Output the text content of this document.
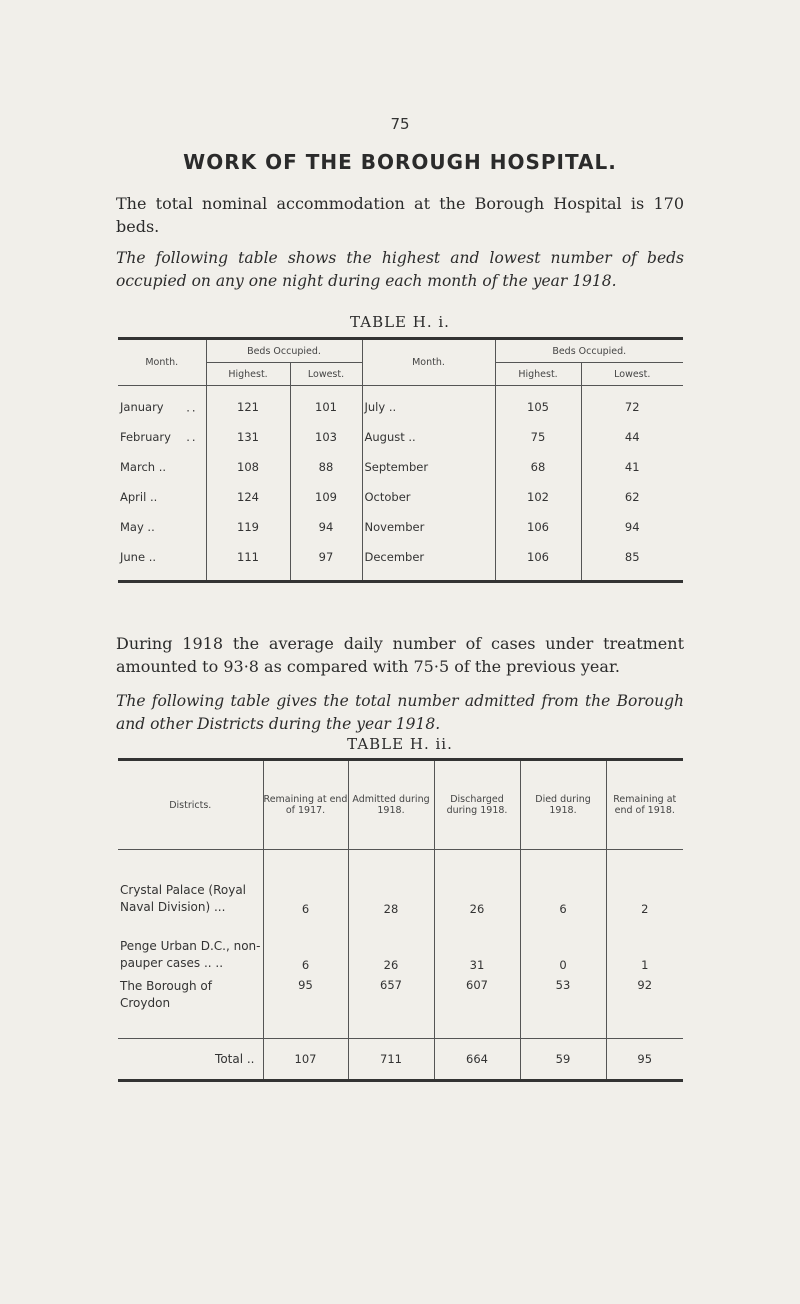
75
WORK OF THE BOROUGH HOSPITAL.
The total nominal accommodation at the Borough Hospital is 170 beds.
The following table shows the highest and lowest number of beds occupied on any one night during each month of the year 1918.
TABLE H. i.
Month.	Beds Occupied.		Month.	Beds Occupied.	
	Highest.	Lowest.		Highest.	Lowest.
January ..	121	101	July ..	105	72
February ..	131	103	August ..	75	44
March ..	108	88	September	68	41
April ..	124	109	October	102	62
May ..	119	94	November	106	94
June ..	111	97	December	106	85
During 1918 the average daily number of cases under treatment amounted to 93·8 as compared with 75·5 of the previous year.
The following table gives the total number admitted from the Borough and other Districts during the year 1918.
TABLE H. ii.
Districts.	Remaining at end of 1917.	Admitted during 1918.	Discharged during 1918.	Died during 1918.	Remaining at end of 1918.
Crystal Palace (Royal Naval Division) ...	6	28	26	6	2
Penge Urban D.C., non-pauper cases .. ..	6	26	31	0	1
The Borough of Croydon	95	657	607	53	92

Total ..	107	711	664	59	95
